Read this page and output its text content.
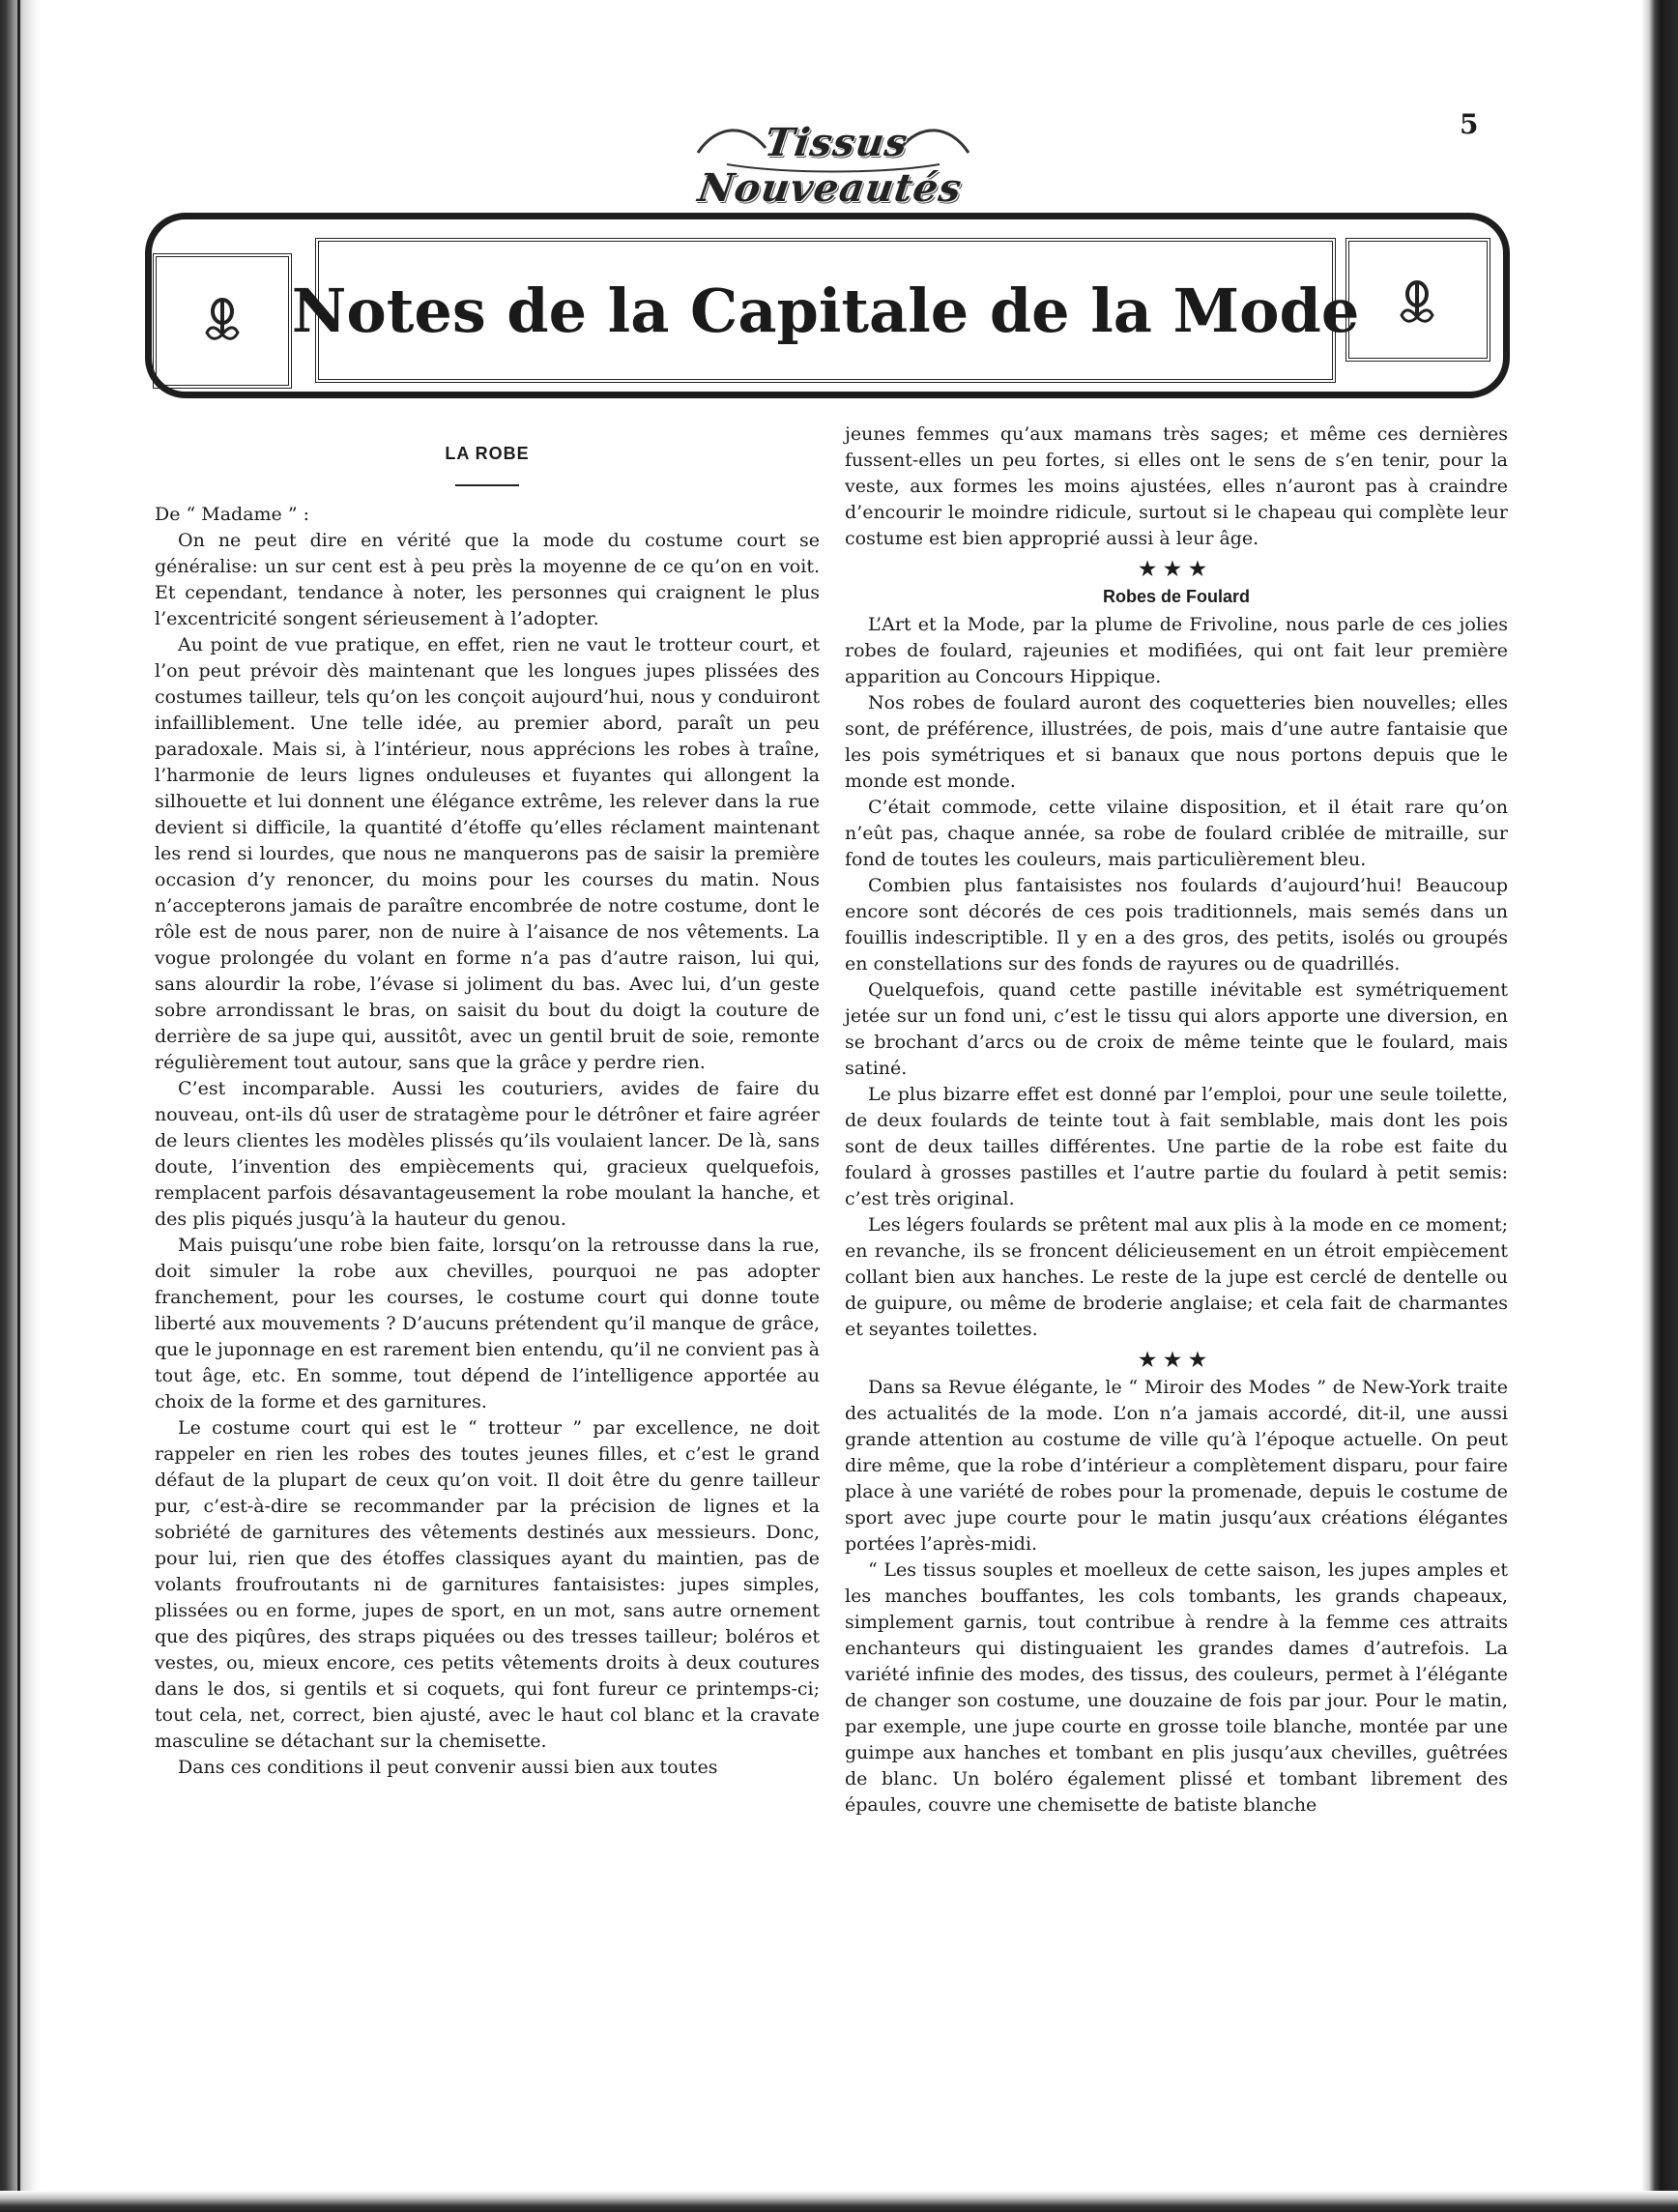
Tissus Nouveautés
5
Notes de la Capitale de la Mode
LA ROBE

De “ Madame ” :

On ne peut dire en vérité que la mode du costume court se généralise: un sur cent est à peu près la moyenne de ce qu’on en voit. Et cependant, tendance à noter, les personnes qui craignent le plus l’excentricité songent sérieusement à l’adopter.

Au point de vue pratique, en effet, rien ne vaut le trotteur court, et l’on peut prévoir dès maintenant que les longues jupes plissées des costumes tailleur, tels qu’on les conçoit aujourd’hui, nous y conduiront infailliblement. Une telle idée, au premier abord, paraît un peu paradoxale. Mais si, à l’intérieur, nous apprécions les robes à traîne, l’harmonie de leurs lignes onduleuses et fuyantes qui allongent la silhouette et lui donnent une élégance extrême, les relever dans la rue devient si difficile, la quantité d’étoffe qu’elles réclament maintenant les rend si lourdes, que nous ne manquerons pas de saisir la première occasion d’y renoncer, du moins pour les courses du matin. Nous n’accepterons jamais de paraître encombrée de notre costume, dont le rôle est de nous parer, non de nuire à l’aisance de nos vêtements. La vogue prolongée du volant en forme n’a pas d’autre raison, lui qui, sans alourdir la robe, l’évase si joliment du bas. Avec lui, d’un geste sobre arrondissant le bras, on saisit du bout du doigt la couture de derrière de sa jupe qui, aussitôt, avec un gentil bruit de soie, remonte régulièrement tout autour, sans que la grâce y perdre rien.

C’est incomparable. Aussi les couturiers, avides de faire du nouveau, ont-ils dû user de stratagème pour le détrôner et faire agréer de leurs clientes les modèles plissés qu’ils voulaient lancer. De là, sans doute, l’invention des empiècements qui, gracieux quelquefois, remplacent parfois désavantageusement la robe moulant la hanche, et des plis piqués jusqu’à la hauteur du genou.

Mais puisqu’une robe bien faite, lorsqu’on la retrousse dans la rue, doit simuler la robe aux chevilles, pourquoi ne pas adopter franchement, pour les courses, le costume court qui donne toute liberté aux mouvements ? D’aucuns prétendent qu’il manque de grâce, que le juponnage en est rarement bien entendu, qu’il ne convient pas à tout âge, etc. En somme, tout dépend de l’intelligence apportée au choix de la forme et des garnitures.

Le costume court qui est le “ trotteur ” par excellence, ne doit rappeler en rien les robes des toutes jeunes filles, et c’est le grand défaut de la plupart de ceux qu’on voit. Il doit être du genre tailleur pur, c’est-à-dire se recommander par la précision de lignes et la sobriété de garnitures des vêtements destinés aux messieurs. Donc, pour lui, rien que des étoffes classiques ayant du maintien, pas de volants froufroutants ni de garnitures fantaisistes: jupes simples, plissées ou en forme, jupes de sport, en un mot, sans autre ornement que des piqûres, des straps piquées ou des tresses tailleur; boléros et vestes, ou, mieux encore, ces petits vêtements droits à deux coutures dans le dos, si gentils et si coquets, qui font fureur ce printemps-ci; tout cela, net, correct, bien ajusté, avec le haut col blanc et la cravate masculine se détachant sur la chemisette.

Dans ces conditions il peut convenir aussi bien aux toutes

jeunes femmes qu’aux mamans très sages; et même ces dernières fussent-elles un peu fortes, si elles ont le sens de s’en tenir, pour la veste, aux formes les moins ajustées, elles n’auront pas à craindre d’encourir le moindre ridicule, surtout si le chapeau qui complète leur costume est bien approprié aussi à leur âge.

★★★
Robes de Foulard

L’Art et la Mode, par la plume de Frivoline, nous parle de ces jolies robes de foulard, rajeunies et modifiées, qui ont fait leur première apparition au Concours Hippique.

Nos robes de foulard auront des coquetteries bien nouvelles; elles sont, de préférence, illustrées, de pois, mais d’une autre fantaisie que les pois symétriques et si banaux que nous portons depuis que le monde est monde.

C’était commode, cette vilaine disposition, et il était rare qu’on n’eût pas, chaque année, sa robe de foulard criblée de mitraille, sur fond de toutes les couleurs, mais particulièrement bleu.

Combien plus fantaisistes nos foulards d’aujourd’hui! Beaucoup encore sont décorés de ces pois traditionnels, mais semés dans un fouillis indescriptible. Il y en a des gros, des petits, isolés ou groupés en constellations sur des fonds de rayures ou de quadrillés.

Quelquefois, quand cette pastille inévitable est symétriquement jetée sur un fond uni, c’est le tissu qui alors apporte une diversion, en se brochant d’arcs ou de croix de même teinte que le foulard, mais satiné.

Le plus bizarre effet est donné par l’emploi, pour une seule toilette, de deux foulards de teinte tout à fait semblable, mais dont les pois sont de deux tailles différentes. Une partie de la robe est faite du foulard à grosses pastilles et l’autre partie du foulard à petit semis: c’est très original.

Les légers foulards se prêtent mal aux plis à la mode en ce moment; en revanche, ils se froncent délicieusement en un étroit empiècement collant bien aux hanches. Le reste de la jupe est cerclé de dentelle ou de guipure, ou même de broderie anglaise; et cela fait de charmantes et seyantes toilettes.

★★★

Dans sa Revue élégante, le “ Miroir des Modes ” de New-York traite des actualités de la mode. L’on n’a jamais accordé, dit-il, une aussi grande attention au costume de ville qu’à l’époque actuelle. On peut dire même, que la robe d’intérieur a complètement disparu, pour faire place à une variété de robes pour la promenade, depuis le costume de sport avec jupe courte pour le matin jusqu’aux créations élégantes portées l’après-midi.

“ Les tissus souples et moelleux de cette saison, les jupes amples et les manches bouffantes, les cols tombants, les grands chapeaux, simplement garnis, tout contribue à rendre à la femme ces attraits enchanteurs qui distinguaient les grandes dames d’autrefois. La variété infinie des modes, des tissus, des couleurs, permet à l’élégante de changer son costume, une douzaine de fois par jour. Pour le matin, par exemple, une jupe courte en grosse toile blanche, montée par une guimpe aux hanches et tombant en plis jusqu’aux chevilles, guêtrées de blanc. Un boléro également plissé et tombant librement des épaules, couvre une chemisette de batiste blanche
